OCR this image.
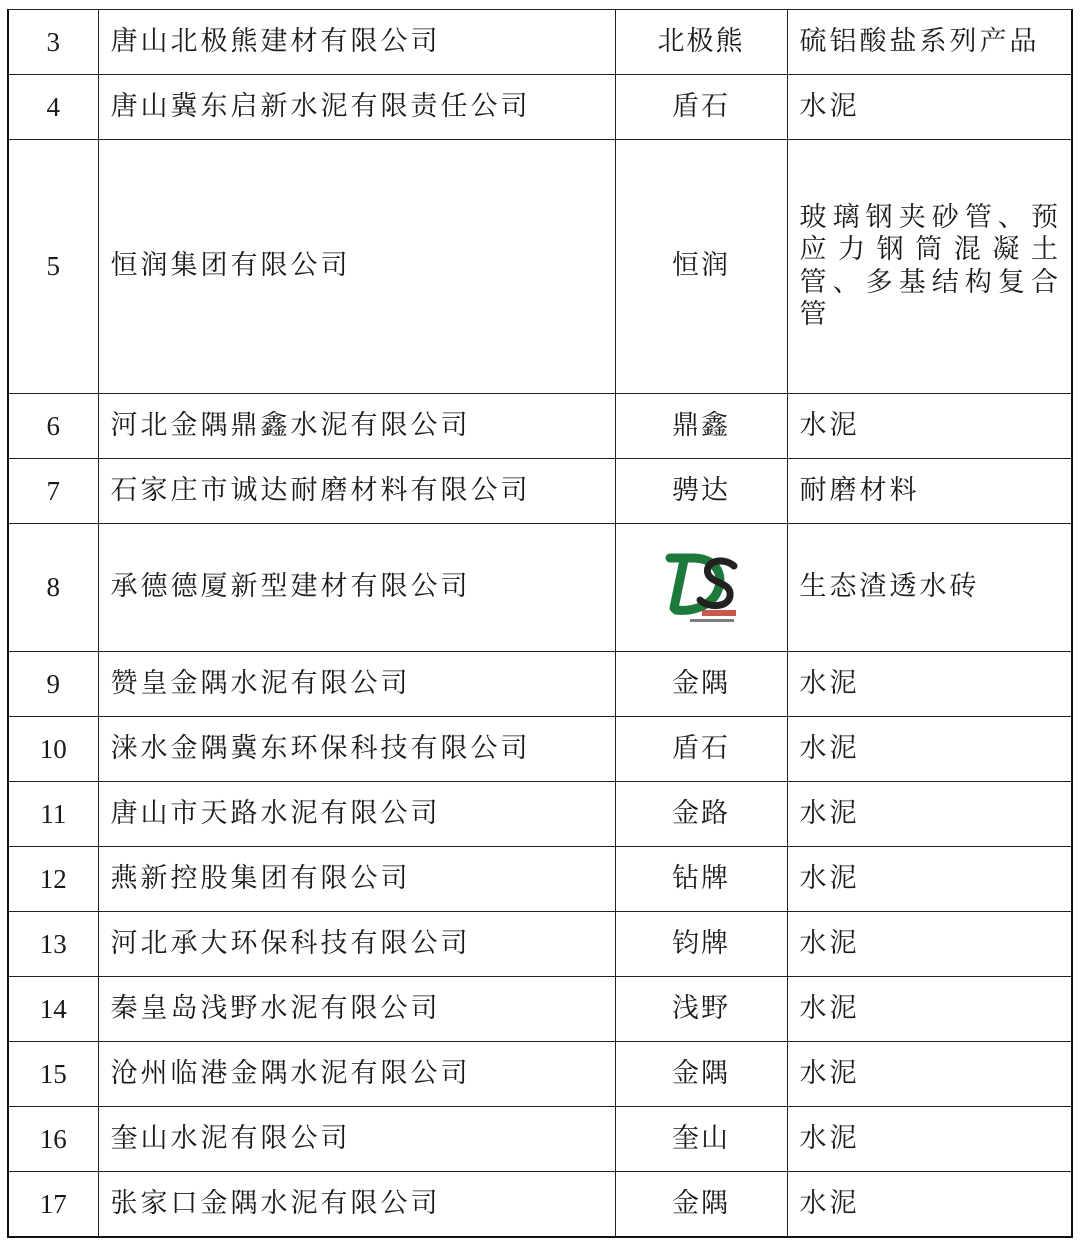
3	唐山北极熊建材有限公司	北极熊	硫铝酸盐系列产品
4	唐山冀东启新水泥有限责任公司	盾石	水泥
5	恒润集团有限公司	恒润	玻璃钢夹砂管、预应力钢筒混凝土管、多基结构复合管
6	河北金隅鼎鑫水泥有限公司	鼎鑫	水泥
7	石家庄市诚达耐磨材料有限公司	骋达	耐磨材料
8	承德德厦新型建材有限公司		生态渣透水砖
9	赞皇金隅水泥有限公司	金隅	水泥
10	涞水金隅冀东环保科技有限公司	盾石	水泥
11	唐山市天路水泥有限公司	金路	水泥
12	燕新控股集团有限公司	钻牌	水泥
13	河北承大环保科技有限公司	钧牌	水泥
14	秦皇岛浅野水泥有限公司	浅野	水泥
15	沧州临港金隅水泥有限公司	金隅	水泥
16	奎山水泥有限公司	奎山	水泥
17	张家口金隅水泥有限公司	金隅	水泥
